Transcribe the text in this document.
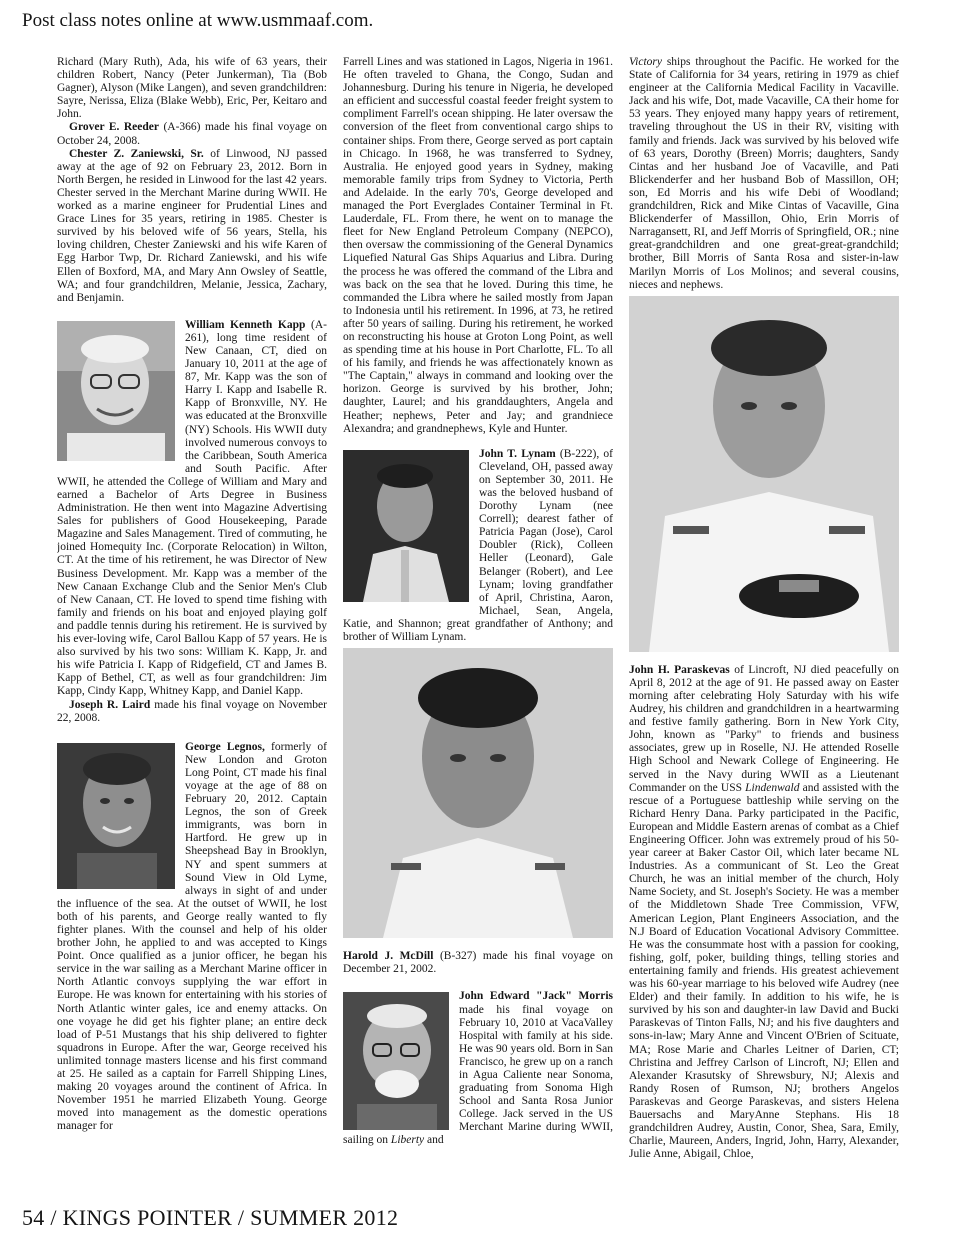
Post class notes online at www.usmmaaf.com.

Richard (Mary Ruth), Ada, his wife of 63 years, their children Robert, Nancy (Peter Junkerman), Tia (Bob Gagner), Alyson (Mike Langen), and seven grandchildren: Sayre, Nerissa, Eliza (Blake Webb), Eric, Per, Keitaro and John.

Grover E. Reeder (A-366) made his final voyage on October 24, 2008.

Chester Z. Zaniewski, Sr. of Linwood, NJ passed away at the age of 92 on February 23, 2012. Born in North Bergen, he resided in Linwood for the last 42 years. Chester served in the Merchant Marine during WWII. He worked as a marine engineer for Prudential Lines and Grace Lines for 35 years, retiring in 1985. Chester is survived by his beloved wife of 56 years, Stella, his loving children, Chester Zaniewski and his wife Karen of Egg Harbor Twp, Dr. Richard Zaniewski, and his wife Ellen of Boxford, MA, and Mary Ann Owsley of Seattle, WA; and four grandchildren, Melanie, Jessica, Zachary, and Benjamin.

William Kenneth Kapp (A-261), long time resident of New Canaan, CT, died on January 10, 2011 at the age of 87, Mr. Kapp was the son of Harry I. Kapp and Isabelle R. Kapp of Bronxville, NY. He was educated at the Bronxville (NY) Schools. His WWII duty involved numerous convoys to the Caribbean, South America and South Pacific. After WWII, he attended the College of William and Mary and earned a Bachelor of Arts Degree in Business Administration. He then went into Magazine Advertising Sales for publishers of Good Housekeeping, Parade Magazine and Sales Management. Tired of commuting, he joined Homequity Inc. (Corporate Relocation) in Wilton, CT. At the time of his retirement, he was Director of New Business Development. Mr. Kapp was a member of the New Canaan Exchange Club and the Senior Men's Club of New Canaan, CT. He loved to spend time fishing with family and friends on his boat and enjoyed playing golf and paddle tennis during his retirement. He is survived by his ever-loving wife, Carol Ballou Kapp of 57 years. He is also survived by his two sons: William K. Kapp, Jr. and his wife Patricia I. Kapp of Ridgefield, CT and James B. Kapp of Bethel, CT, as well as four grandchildren: Jim Kapp, Cindy Kapp, Whitney Kapp, and Daniel Kapp.

Joseph R. Laird made his final voyage on November 22, 2008.

George Legnos, formerly of New London and Groton Long Point, CT made his final voyage at the age of 88 on February 20, 2012. Captain Legnos, the son of Greek immigrants, was born in Hartford. He grew up in Sheepshead Bay in Brooklyn, NY and spent summers at Sound View in Old Lyme, always in sight of and under the influence of the sea. At the outset of WWII, he lost both of his parents, and George really wanted to fly fighter planes. With the counsel and help of his older brother John, he applied to and was accepted to Kings Point. Once qualified as a junior officer, he began his service in the war sailing as a Merchant Marine officer in North Atlantic convoys supplying the war effort in Europe. He was known for entertaining with his stories of North Atlantic winter gales, ice and enemy attacks. On one voyage he did get his fighter plane; an entire deck load of P-51 Mustangs that his ship delivered to fighter squadrons in Europe. After the war, George received his unlimited tonnage masters license and his first command at 25. He sailed as a captain for Farrell Shipping Lines, making 20 voyages around the continent of Africa. In November 1951 he married Elizabeth Young. George moved into management as the domestic operations manager for

Farrell Lines and was stationed in Lagos, Nigeria in 1961. He often traveled to Ghana, the Congo, Sudan and Johannesburg. During his tenure in Nigeria, he developed an efficient and successful coastal feeder freight system to compliment Farrell's ocean shipping. He later oversaw the conversion of the fleet from conventional cargo ships to container ships. From there, George served as port captain in Chicago. In 1968, he was transferred to Sydney, Australia. He enjoyed good years in Sydney, making memorable family trips from Sydney to Victoria, Perth and Adelaide. In the early 70's, George developed and managed the Port Everglades Container Terminal in Ft. Lauderdale, FL. From there, he went on to manage the fleet for New England Petroleum Company (NEPCO), then oversaw the commissioning of the General Dynamics Liquefied Natural Gas Ships Aquarius and Libra. During the process he was offered the command of the Libra and was back on the sea that he loved. During this time, he commanded the Libra where he sailed mostly from Japan to Indonesia until his retirement. In 1996, at 73, he retired after 50 years of sailing. During his retirement, he worked on reconstructing his house at Groton Long Point, as well as spending time at his house in Port Charlotte, FL. To all of his family, and friends he was affectionately known as "The Captain," always in command and looking over the horizon. George is survived by his brother, John; daughter, Laurel; and his granddaughters, Angela and Heather; nephews, Peter and Jay; and grandniece Alexandra; and grandnephews, Kyle and Hunter.

John T. Lynam (B-222), of Cleveland, OH, passed away on September 30, 2011. He was the beloved husband of Dorothy Lynam (nee Correll); dearest father of Patricia Pagan (Jose), Carol Doubler (Rick), Colleen Heller (Leonard), Gale Belanger (Robert), and Lee Lynam; loving grandfather of April, Christina, Aaron, Michael, Sean, Angela, Katie, and Shannon; great grandfather of Anthony; and brother of William Lynam.

Harold J. McDill (B-327) made his final voyage on December 21, 2002.

John Edward "Jack" Morris made his final voyage on February 10, 2010 at VacaValley Hospital with family at his side. He was 90 years old. Born in San Francisco, he grew up on a ranch in Agua Caliente near Sonoma, graduating from Sonoma High School and Santa Rosa Junior College. Jack served in the US Merchant Marine during WWII, sailing on Liberty and

Victory ships throughout the Pacific. He worked for the State of California for 34 years, retiring in 1979 as chief engineer at the California Medical Facility in Vacaville. Jack and his wife, Dot, made Vacaville, CA their home for 53 years. They enjoyed many happy years of retirement, traveling throughout the US in their RV, visiting with family and friends. Jack was survived by his beloved wife of 63 years, Dorothy (Breen) Morris; daughters, Sandy Cintas and her husband Joe of Vacaville, and Pati Blickenderfer and her husband Bob of Massillon, OH; son, Ed Morris and his wife Debi of Woodland; grandchildren, Rick and Mike Cintas of Vacaville, Gina Blickenderfer of Massillon, Ohio, Erin Morris of Narragansett, RI, and Jeff Morris of Springfield, OR.; nine great-grandchildren and one great-great-grandchild; brother, Bill Morris of Santa Rosa and sister-in-law Marilyn Morris of Los Molinos; and several cousins, nieces and nephews.

John H. Paraskevas of Lincroft, NJ died peacefully on April 8, 2012 at the age of 91. He passed away on Easter morning after celebrating Holy Saturday with his wife Audrey, his children and grandchildren in a heartwarming and festive family gathering. Born in New York City, John, known as "Parky" to friends and business associates, grew up in Roselle, NJ. He attended Roselle High School and Newark College of Engineering. He served in the Navy during WWII as a Lieutenant Commander on the USS Lindenwald and assisted with the rescue of a Portuguese battleship while serving on the Richard Henry Dana. Parky participated in the Pacific, European and Middle Eastern arenas of combat as a Chief Engineering Officer. John was extremely proud of his 50-year career at Baker Castor Oil, which later became NL Industries. As a communicant of St. Leo the Great Church, he was an initial member of the church, Holy Name Society, and St. Joseph's Society. He was a member of the Middletown Shade Tree Commission, VFW, American Legion, Plant Engineers Association, and the N.J Board of Education Vocational Advisory Committee. He was the consummate host with a passion for cooking, fishing, golf, poker, building things, telling stories and entertaining family and friends. His greatest achievement was his 60-year marriage to his beloved wife Audrey (nee Elder) and their family. In addition to his wife, he is survived by his son and daughter-in law David and Bucki Paraskevas of Tinton Falls, NJ; and his five daughters and sons-in-law; Mary Anne and Vincent O'Brien of Scituate, MA; Rose Marie and Charles Leitner of Darien, CT; Christina and Jeffrey Carlson of Lincroft, NJ; Ellen and Alexander Krasutsky of Shrewsbury, NJ; Alexis and Randy Rosen of Rumson, NJ; brothers Angelos Paraskevas and George Paraskevas, and sisters Helena Bauersachs and MaryAnne Stephans. His 18 grandchildren Audrey, Austin, Conor, Shea, Sara, Emily, Charlie, Maureen, Anders, Ingrid, John, Harry, Alexander, Julie Anne, Abigail, Chloe,

54 / KINGS POINTER / SUMMER 2012
